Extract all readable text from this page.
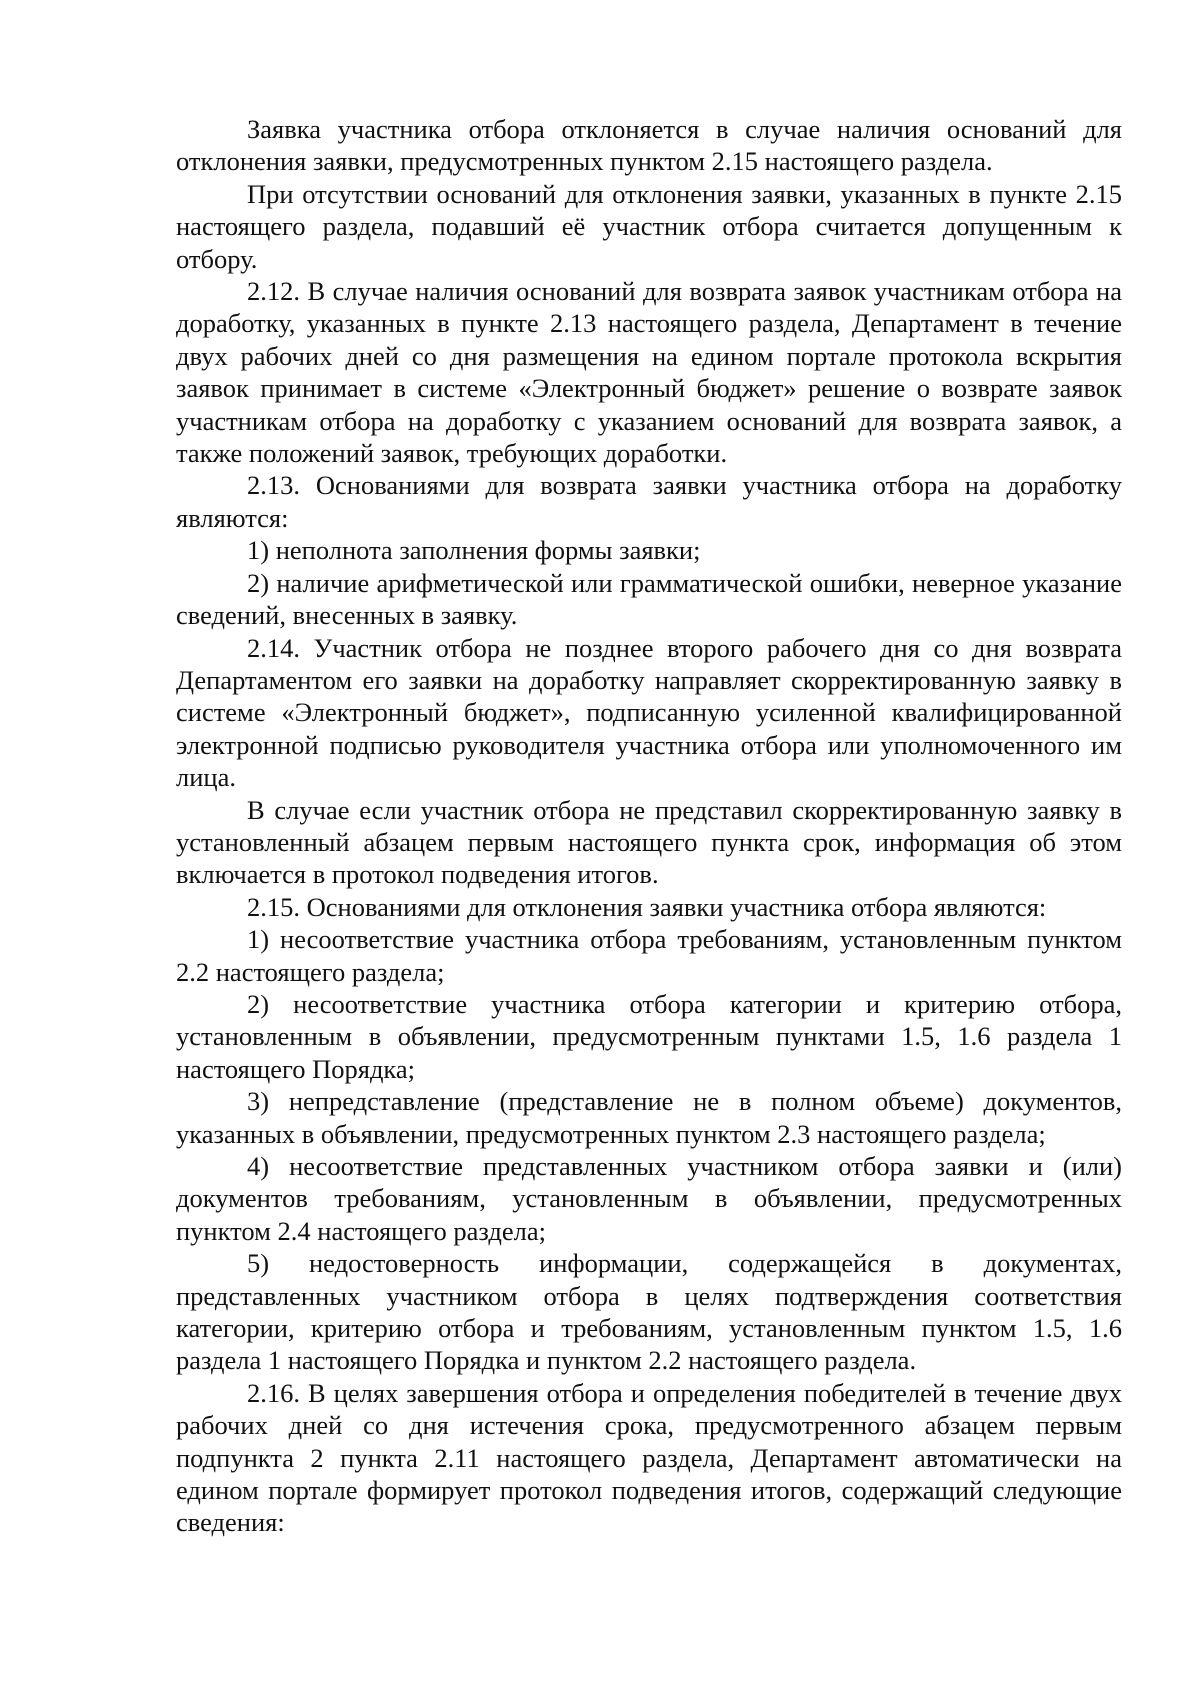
Заявка участника отбора отклоняется в случае наличия оснований для отклонения заявки, предусмотренных пунктом 2.15 настоящего раздела.

При отсутствии оснований для отклонения заявки, указанных в пункте 2.15 настоящего раздела, подавший её участник отбора считается допущенным к отбору.

2.12. В случае наличия оснований для возврата заявок участникам отбора на доработку, указанных в пункте 2.13 настоящего раздела, Департамент в течение двух рабочих дней со дня размещения на едином портале протокола вскрытия заявок принимает в системе «Электронный бюджет» решение о возврате заявок участникам отбора на доработку с указанием оснований для возврата заявок, а также положений заявок, требующих доработки.

2.13. Основаниями для возврата заявки участника отбора на доработку являются:

1) неполнота заполнения формы заявки;

2) наличие арифметической или грамматической ошибки, неверное указание сведений, внесенных в заявку.

2.14. Участник отбора не позднее второго рабочего дня со дня возврата Департаментом его заявки на доработку направляет скорректированную заявку в системе «Электронный бюджет», подписанную усиленной квалифицированной электронной подписью руководителя участника отбора или уполномоченного им лица.

В случае если участник отбора не представил скорректированную заявку в установленный абзацем первым настоящего пункта срок, информация об этом включается в протокол подведения итогов.

2.15. Основаниями для отклонения заявки участника отбора являются:

1) несоответствие участника отбора требованиям, установленным пунктом 2.2 настоящего раздела;

2) несоответствие участника отбора категории и критерию отбора, установленным в объявлении, предусмотренным пунктами 1.5, 1.6 раздела 1 настоящего Порядка;

3) непредставление (представление не в полном объеме) документов, указанных в объявлении, предусмотренных пунктом 2.3 настоящего раздела;

4) несоответствие представленных участником отбора заявки и (или) документов требованиям, установленным в объявлении, предусмотренных пунктом 2.4 настоящего раздела;

5) недостоверность информации, содержащейся в документах, представленных участником отбора в целях подтверждения соответствия категории, критерию отбора и требованиям, установленным пунктом 1.5, 1.6 раздела 1 настоящего Порядка и пунктом 2.2 настоящего раздела.

2.16. В целях завершения отбора и определения победителей в течение двух рабочих дней со дня истечения срока, предусмотренного абзацем первым подпункта 2 пункта 2.11 настоящего раздела, Департамент автоматически на едином портале формирует протокол подведения итогов, содержащий следующие сведения:
